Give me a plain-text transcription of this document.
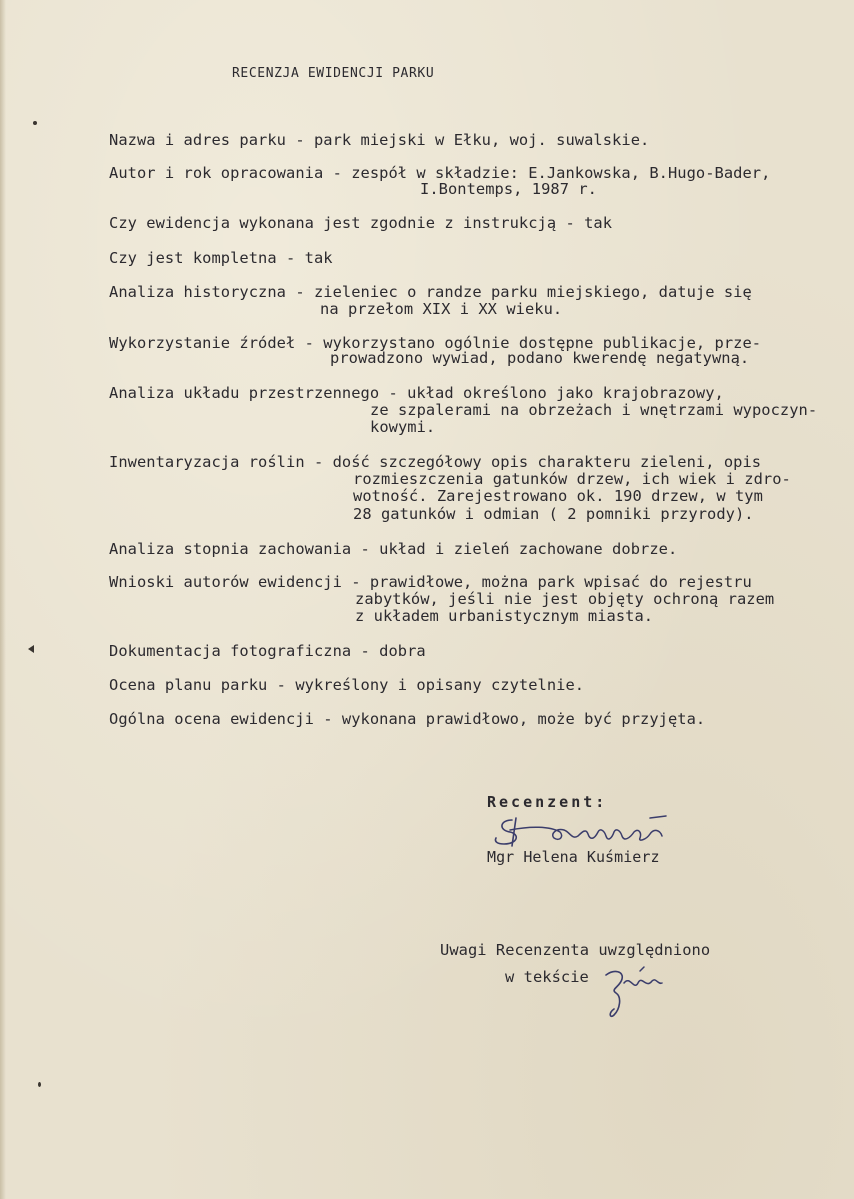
RECENZJA EWIDENCJI PARKU
Nazwa i adres parku - park miejski w Ełku, woj. suwalskie.
Autor i rok opracowania - zespół w składzie: E.Jankowska, B.Hugo-Bader,
I.Bontemps, 1987 r.
Czy ewidencja wykonana jest zgodnie z instrukcją - tak
Czy jest kompletna - tak
Analiza historyczna - zieleniec o randze parku miejskiego, datuje się
na przełom XIX i XX wieku.
Wykorzystanie źródeł - wykorzystano ogólnie dostępne publikacje, prze-
prowadzono wywiad, podano kwerendę negatywną.
Analiza układu przestrzennego - układ określono jako krajobrazowy,
ze szpalerami na obrzeżach i wnętrzami wypoczyn-
kowymi.
Inwentaryzacja roślin - dość szczegółowy opis charakteru zieleni, opis
rozmieszczenia gatunków drzew, ich wiek i zdro-
wotność. Zarejestrowano ok. 190 drzew, w tym
28 gatunków i odmian ( 2 pomniki przyrody).
Analiza stopnia zachowania - układ i zieleń zachowane dobrze.
Wnioski autorów ewidencji - prawidłowe, można park wpisać do rejestru
zabytków, jeśli nie jest objęty ochroną razem
z układem urbanistycznym miasta.
Dokumentacja fotograficzna - dobra
Ocena planu parku - wykreślony i opisany czytelnie.
Ogólna ocena ewidencji - wykonana prawidłowo, może być przyjęta.
Recenzent:
Mgr Helena Kuśmierz
Uwagi Recenzenta uwzględniono
w tekście
